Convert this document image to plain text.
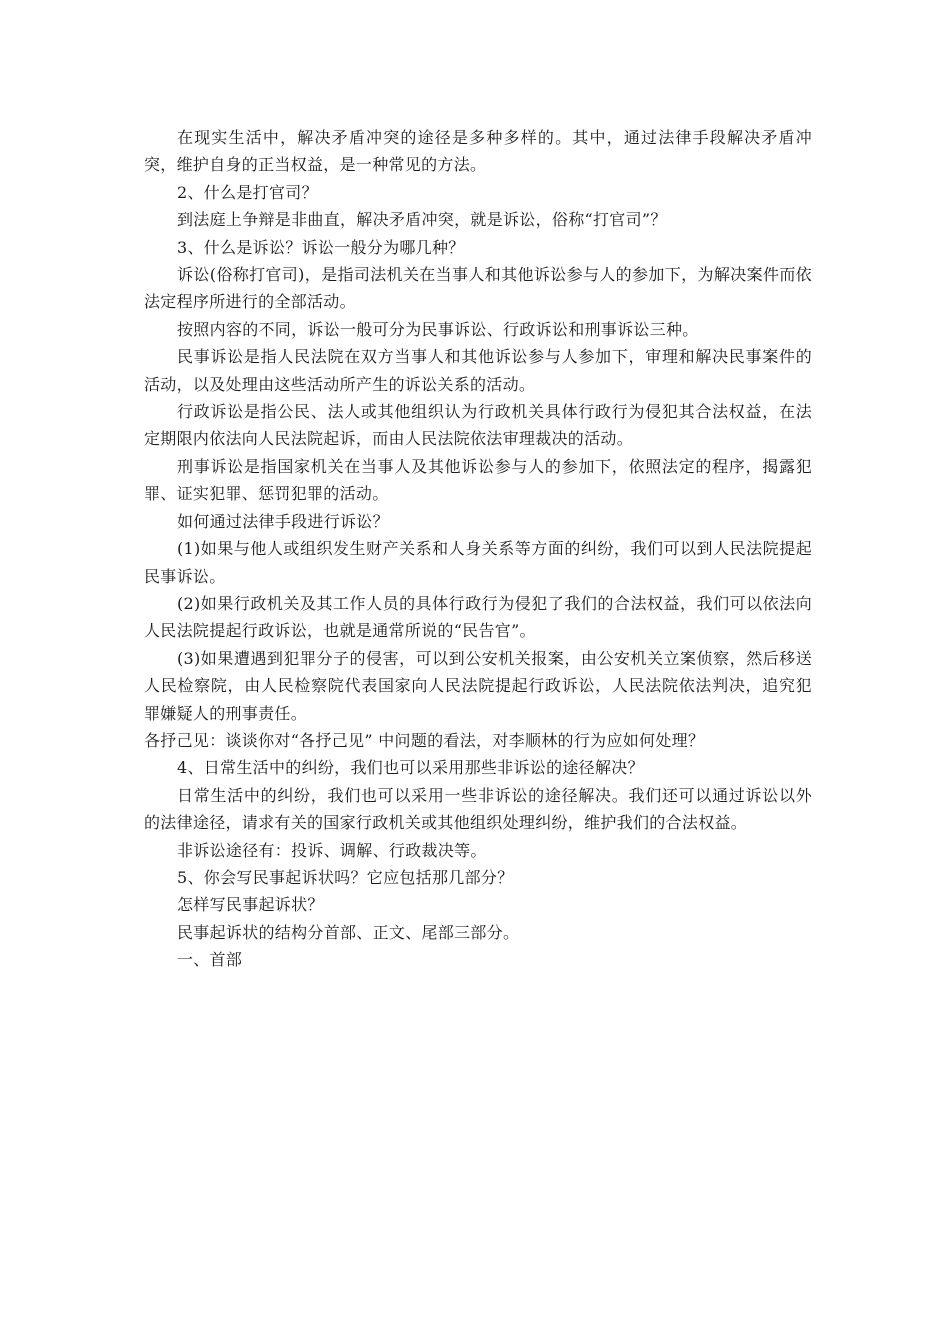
在现实生活中，解决矛盾冲突的途径是多种多样的。其中，通过法律手段解决矛盾冲突，维护自身的正当权益，是一种常见的方法。

2、什么是打官司？

到法庭上争辩是非曲直，解决矛盾冲突，就是诉讼，俗称“打官司”？

3、什么是诉讼？诉讼一般分为哪几种？

诉讼(俗称打官司)，是指司法机关在当事人和其他诉讼参与人的参加下，为解决案件而依法定程序所进行的全部活动。

按照内容的不同，诉讼一般可分为民事诉讼、行政诉讼和刑事诉讼三种。

民事诉讼是指人民法院在双方当事人和其他诉讼参与人参加下，审理和解决民事案件的活动，以及处理由这些活动所产生的诉讼关系的活动。

行政诉讼是指公民、法人或其他组织认为行政机关具体行政行为侵犯其合法权益，在法定期限内依法向人民法院起诉，而由人民法院依法审理裁决的活动。

刑事诉讼是指国家机关在当事人及其他诉讼参与人的参加下，依照法定的程序，揭露犯罪、证实犯罪、惩罚犯罪的活动。

如何通过法律手段进行诉讼？

(1)如果与他人或组织发生财产关系和人身关系等方面的纠纷，我们可以到人民法院提起民事诉讼。

(2)如果行政机关及其工作人员的具体行政行为侵犯了我们的合法权益，我们可以依法向人民法院提起行政诉讼，也就是通常所说的“民告官”。

(3)如果遭遇到犯罪分子的侵害，可以到公安机关报案，由公安机关立案侦察，然后移送人民检察院，由人民检察院代表国家向人民法院提起行政诉讼，人民法院依法判决，追究犯罪嫌疑人的刑事责任。

各抒己见：谈谈你对“各抒己见” 中问题的看法，对李顺林的行为应如何处理？

4、日常生活中的纠纷，我们也可以采用那些非诉讼的途径解决？

日常生活中的纠纷，我们也可以采用一些非诉讼的途径解决。我们还可以通过诉讼以外的法律途径，请求有关的国家行政机关或其他组织处理纠纷，维护我们的合法权益。

非诉讼途径有：投诉、调解、行政裁决等。

5、你会写民事起诉状吗？它应包括那几部分？

怎样写民事起诉状？

民事起诉状的结构分首部、正文、尾部三部分。

一、首部
